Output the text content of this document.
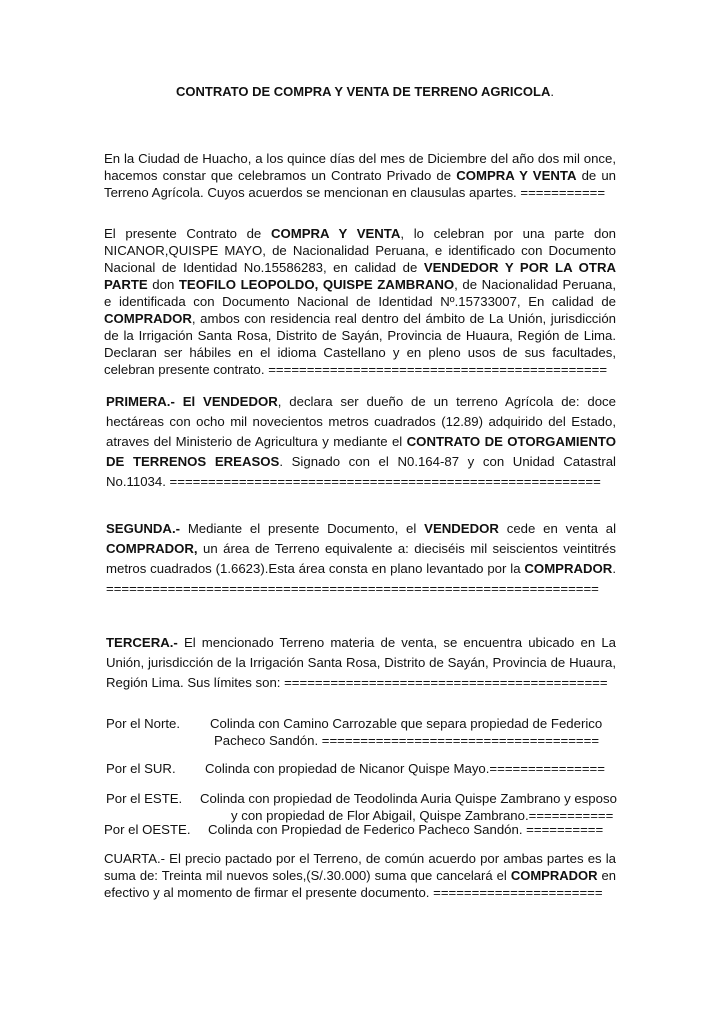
CONTRATO DE COMPRA Y VENTA DE TERRENO AGRICOLA.
En la Ciudad de Huacho, a los quince días del mes de Diciembre del año dos mil once,
hacemos constar que celebramos un Contrato Privado de COMPRA Y VENTA de un
Terreno Agrícola. Cuyos acuerdos se mencionan en clausulas apartes. ===========
El presente Contrato de COMPRA Y VENTA, lo celebran por una parte don
NICANOR,QUISPE MAYO, de Nacionalidad Peruana, e identificado con Documento
Nacional de Identidad No.15586283, en calidad de VENDEDOR Y POR LA OTRA
PARTE don TEOFILO LEOPOLDO, QUISPE ZAMBRANO, de Nacionalidad Peruana,
e identificada con Documento Nacional de Identidad Nº.15733007, En calidad de
COMPRADOR, ambos con residencia real dentro del ámbito de La Unión, jurisdicción
de la Irrigación Santa Rosa, Distrito de Sayán, Provincia de Huaura, Región de Lima.
Declaran ser hábiles en el idioma Castellano y en pleno usos de sus facultades,
celebran presente contrato. ============================================
PRIMERA.- El VENDEDOR, declara ser dueño de un terreno Agrícola de: doce
hectáreas con ocho mil novecientos metros cuadrados (12.89) adquirido del Estado,
atraves del Ministerio de Agricultura y mediante el CONTRATO DE OTORGAMIENTO
DE TERRENOS EREASOS. Signado con el N0.164-87 y con Unidad Catastral
No.11034. ========================================================
SEGUNDA.- Mediante el presente Documento, el VENDEDOR cede en venta al
COMPRADOR, un área de Terreno equivalente a: dieciséis mil seiscientos veintitrés
metros cuadrados (1.6623).Esta área consta en plano levantado por la COMPRADOR.
================================================================
TERCERA.- El mencionado Terreno materia de venta, se encuentra ubicado en La
Unión, jurisdicción de la Irrigación Santa Rosa, Distrito de Sayán, Provincia de Huaura,
Región Lima. Sus límites son: ==========================================
Por el Norte. Colinda con Camino Carrozable que separa propiedad de Federico
Pacheco Sandón. ====================================
Por el SUR. Colinda con propiedad de Nicanor Quispe Mayo.===============
Por el ESTE. Colinda con propiedad de Teodolinda Auria Quispe Zambrano y esposo
y con propiedad de Flor Abigail, Quispe Zambrano.===========
Por el OESTE. Colinda con Propiedad de Federico Pacheco Sandón. ==========
CUARTA.- El precio pactado por el Terreno, de común acuerdo por ambas partes es la
suma de: Treinta mil nuevos soles,(S/.30.000) suma que cancelará el COMPRADOR en
efectivo y al momento de firmar el presente documento. ======================
